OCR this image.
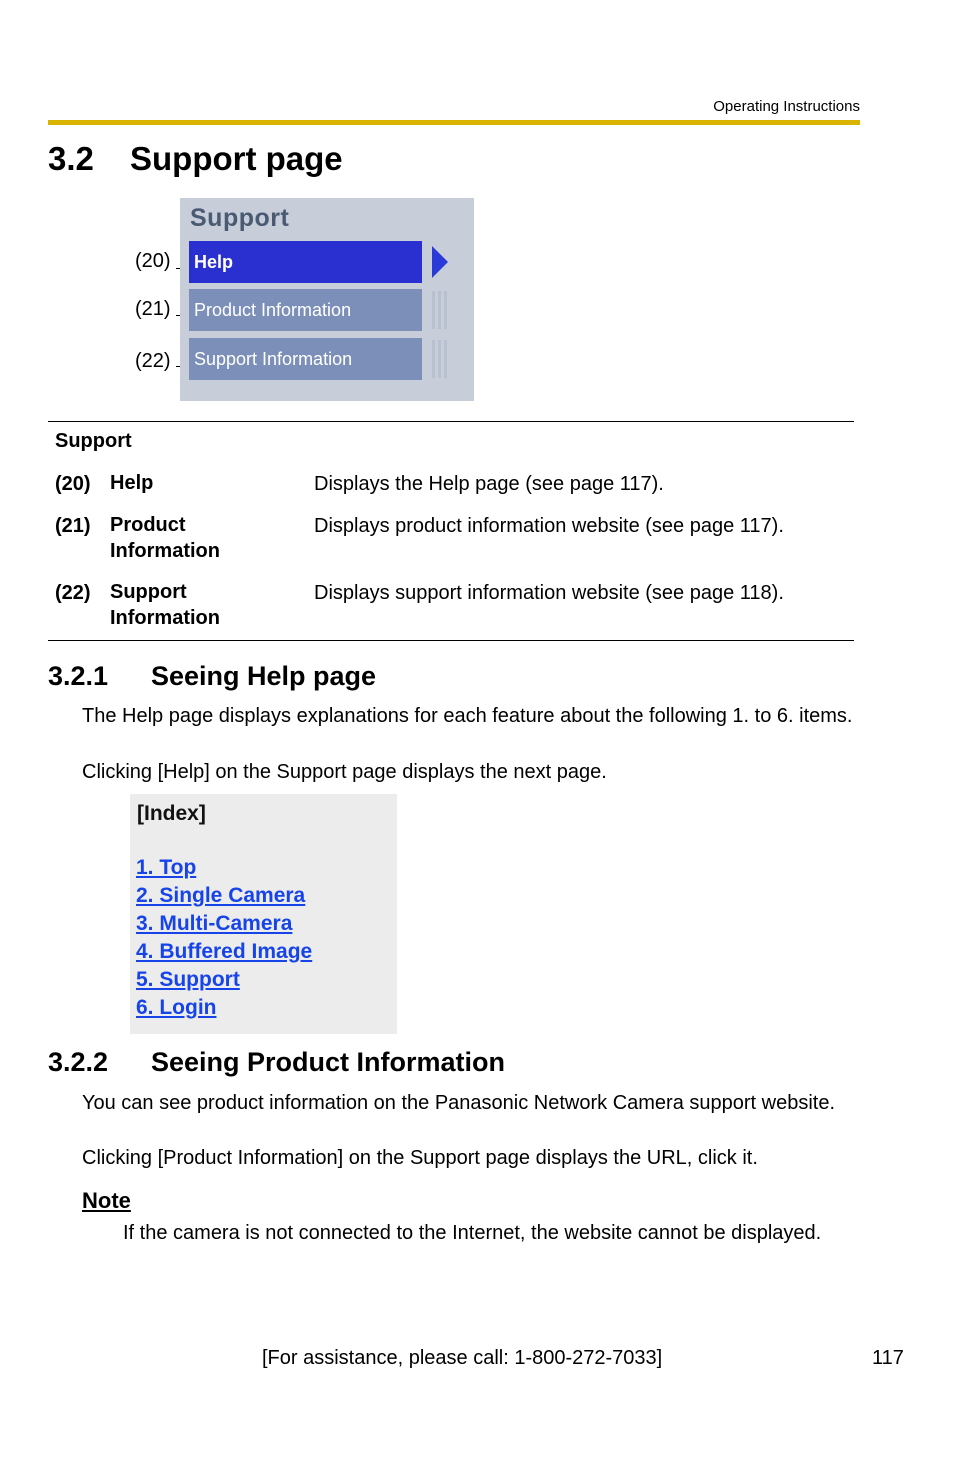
Operating Instructions
3.2 Support page
(20)
(21)
(22)
Support
Help
Product Information
Support Information
Support
(20) Help	Displays the Help page (see page 117).
(21) Product
Information
Displays product information website (see page 117).
(22) Support
Information
Displays support information website (see page 118).
3.2.1 Seeing Help page
The Help page displays explanations for each feature about the following 1. to 6. items.
Clicking [Help] on the Support page displays the next page.
[Index]
1. Top
2. Single Camera
3. Multi-Camera
4. Buffered Image
5. Support
6. Login
3.2.2 Seeing Product Information
You can see product information on the Panasonic Network Camera support website.
Clicking [Product Information] on the Support page displays the URL, click it.
Note
If the camera is not connected to the Internet, the website cannot be displayed.
[For assistance, please call: 1-800-272-7033]	117
